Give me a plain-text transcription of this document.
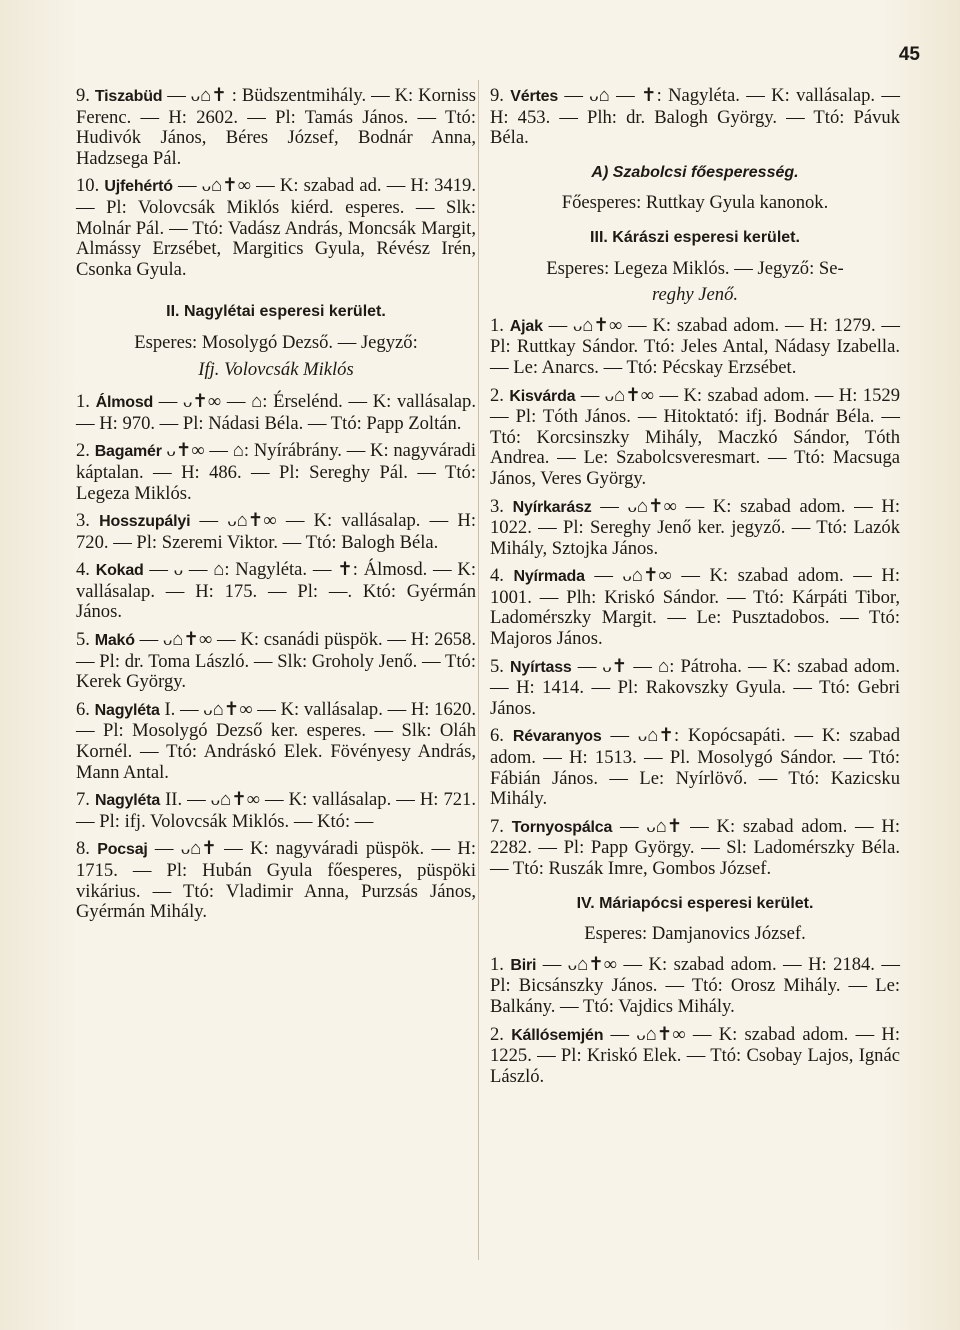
45

9. Tiszabüd — ᴗ⌂✝ : Büdszentmihály. — K: Korniss Ferenc. — H: 2602. — Pl: Tamás János. — Ttó: Hudivók János, Béres József, Bodnár Anna, Hadzsega Pál.

10. Ujfehértó — ᴗ⌂✝∞ — K: szabad ad. — H: 3419. — Pl: Volovcsák Miklós kiérd. esperes. — Slk: Molnár Pál. — Ttó: Vadász András, Moncsák Margit, Almássy Erzsébet, Margitics Gyula, Révész Irén, Csonka Gyula.

II. Nagylétai esperesi kerület.

Esperes: Mosolygó Dezső. — Jegyző:

Ifj. Volovcsák Miklós

1. Álmosd — ᴗ✝∞ — ⌂: Érselénd. — K: vallásalap. — H: 970. — Pl: Nádasi Béla. — Ttó: Papp Zoltán.

2. Bagamér ᴗ✝∞ — ⌂: Nyírábrány. — K: nagyváradi káptalan. — H: 486. — Pl: Sereghy Pál. — Ttó: Legeza Miklós.

3. Hosszupályi — ᴗ⌂✝∞ — K: vallásalap. — H: 720. — Pl: Szeremi Viktor. — Ttó: Balogh Béla.

4. Kokad — ᴗ — ⌂: Nagyléta. — ✝: Álmosd. — K: vallásalap. — H: 175. — Pl: —. Któ: Gyérmán János.

5. Makó — ᴗ⌂✝∞ — K: csanádi püspök. — H: 2658. — Pl: dr. Toma László. — Slk: Groholy Jenő. — Ttó: Kerek György.

6. Nagyléta I. — ᴗ⌂✝∞ — K: vallásalap. — H: 1620. — Pl: Mosolygó Dezső ker. esperes. — Slk: Oláh Kornél. — Ttó: Andráskó Elek. Fövényesy András, Mann Antal.

7. Nagyléta II. — ᴗ⌂✝∞ — K: vallásalap. — H: 721. — Pl: ifj. Volovcsák Miklós. — Któ: —

8. Pocsaj — ᴗ⌂✝ — K: nagyváradi püspök. — H: 1715. — Pl: Hubán Gyula főesperes, püspöki vikárius. — Ttó: Vladimir Anna, Purzsás János, Gyérmán Mihály.

9. Vértes — ᴗ⌂ — ✝: Nagyléta. — K: vallásalap. — H: 453. — Plh: dr. Balogh György. — Ttó: Pávuk Béla.

A) Szabolcsi főesperesség.

Főesperes: Ruttkay Gyula kanonok.

III. Kárászi esperesi kerület.

Esperes: Legeza Miklós. — Jegyző: Se-

reghy Jenő.

1. Ajak — ᴗ⌂✝∞ — K: szabad adom. — H: 1279. — Pl: Ruttkay Sándor. Ttó: Jeles Antal, Nádasy Izabella. — Le: Anarcs. — Ttó: Pécskay Erzsébet.

2. Kisvárda — ᴗ⌂✝∞ — K: szabad adom. — H: 1529 — Pl: Tóth János. — Hitoktató: ifj. Bodnár Béla. — Ttó: Korcsinszky Mihály, Maczkó Sándor, Tóth Andrea. — Le: Szabolcsveresmart. — Ttó: Macsuga János, Veres György.

3. Nyírkarász — ᴗ⌂✝∞ — K: szabad adom. — H: 1022. — Pl: Sereghy Jenő ker. jegyző. — Ttó: Lazók Mihály, Sztojka János.

4. Nyírmada — ᴗ⌂✝∞ — K: szabad adom. — H: 1001. — Plh: Kriskó Sándor. — Ttó: Kárpáti Tibor, Ladomérszky Margit. — Le: Pusztadobos. — Ttó: Majoros János.

5. Nyírtass — ᴗ✝ — ⌂: Pátroha. — K: szabad adom. — H: 1414. — Pl: Rakovszky Gyula. — Ttó: Gebri János.

6. Révaranyos — ᴗ⌂✝: Kopócsapáti. — K: szabad adom. — H: 1513. — Pl. Mosolygó Sándor. — Ttó: Fábián János. — Le: Nyírlövő. — Ttó: Kazicsku Mihály.

7. Tornyospálca — ᴗ⌂✝ — K: szabad adom. — H: 2282. — Pl: Papp György. — Sl: Ladomérszky Béla. — Ttó: Ruszák Imre, Gombos József.

IV. Máriapócsi esperesi kerület.

Esperes: Damjanovics József.

1. Biri — ᴗ⌂✝∞ — K: szabad adom. — H: 2184. — Pl: Bicsánszky János. — Ttó: Orosz Mihály. — Le: Balkány. — Ttó: Vajdics Mihály.

2. Kállósemjén — ᴗ⌂✝∞ — K: szabad adom. — H: 1225. — Pl: Kriskó Elek. — Ttó: Csobay Lajos, Ignác László.
